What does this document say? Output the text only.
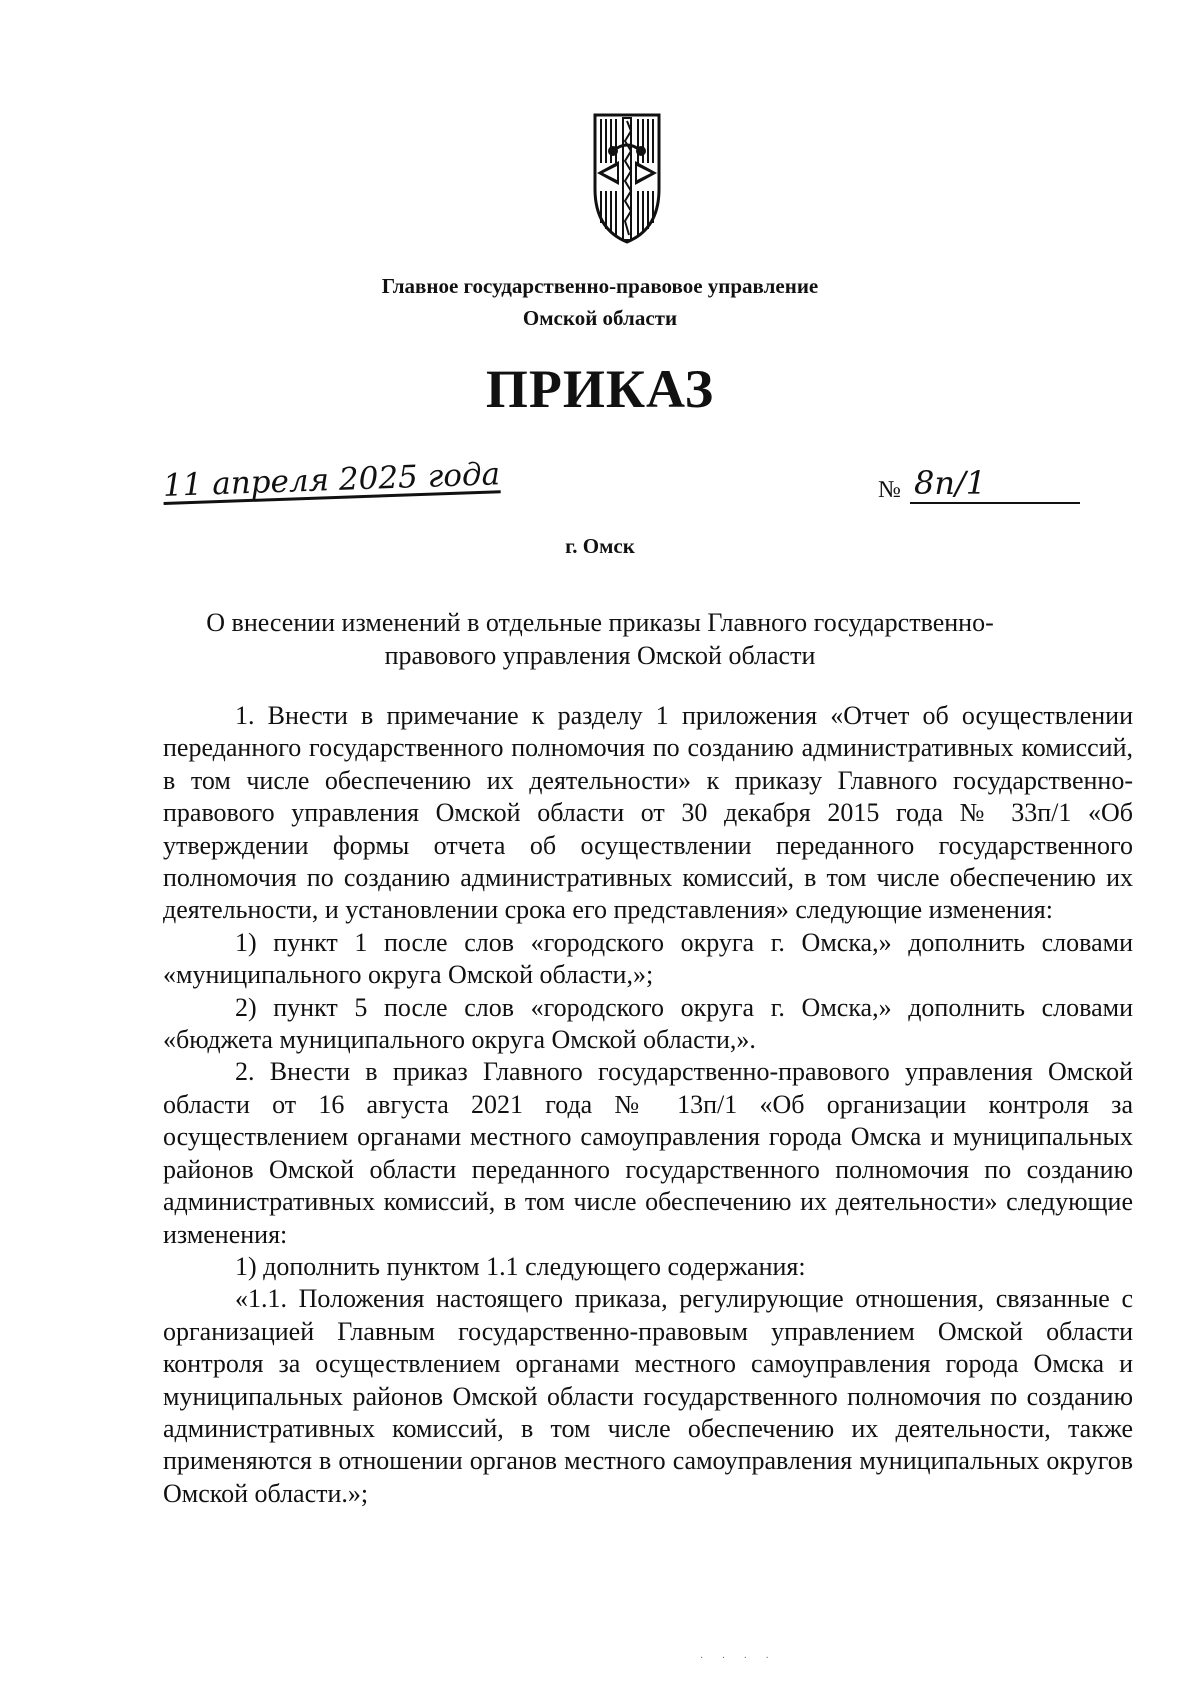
Главное государственно-правовое управление
Омской области
ПРИКАЗ
11 апреля 2025 года	№ 8п/1
г. Омск
О внесении изменений в отдельные приказы Главного государственно-
правового управления Омской области

1. Внести в примечание к разделу 1 приложения «Отчет об осуществлении переданного государственного полномочия по созданию административных комиссий, в том числе обеспечению их деятельности» к приказу Главного государственно-правового управления Омской области от 30 декабря 2015 года № 33п/1 «Об утверждении формы отчета об осуществлении переданного государственного полномочия по созданию административных комиссий, в том числе обеспечению их деятельности, и установлении срока его представления» следующие изменения:

1) пункт 1 после слов «городского округа г. Омска,» дополнить словами «муниципального округа Омской области,»;

2) пункт 5 после слов «городского округа г. Омска,» дополнить словами «бюджета муниципального округа Омской области,».

2. Внести в приказ Главного государственно-правового управления Омской области от 16 августа 2021 года № 13п/1 «Об организации контроля за осуществлением органами местного самоуправления города Омска и муниципальных районов Омской области переданного государственного полномочия по созданию административных комиссий, в том числе обеспечению их деятельности» следующие изменения:

1) дополнить пунктом 1.1 следующего содержания:

«1.1. Положения настоящего приказа, регулирующие отношения, связанные с организацией Главным государственно-правовым управлением Омской области контроля за осуществлением органами местного самоуправления города Омска и муниципальных районов Омской области государственного полномочия по созданию административных комиссий, в том числе обеспечению их деятельности, также применяются в отношении органов местного самоуправления муниципальных округов Омской области.»;

· · · ·
